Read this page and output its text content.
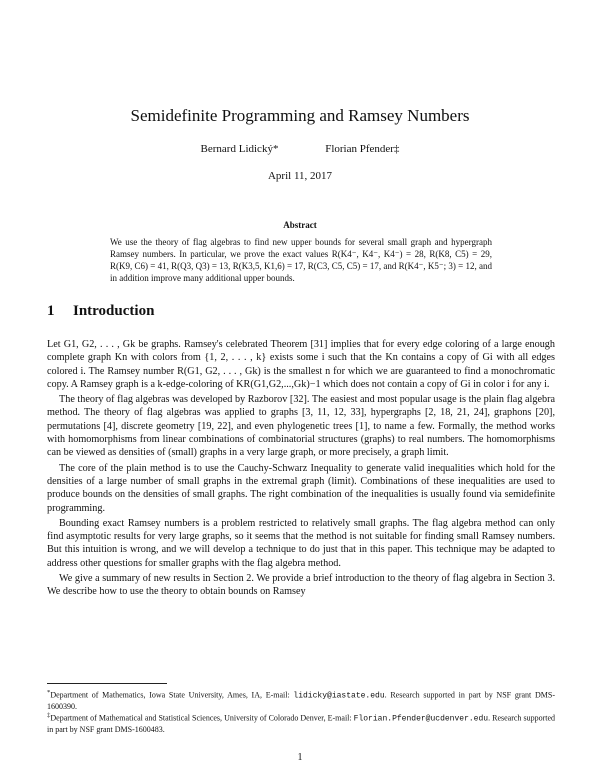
Semidefinite Programming and Ramsey Numbers
Bernard Lidický*	Florian Pfender‡
April 11, 2017
Abstract
We use the theory of flag algebras to find new upper bounds for several small graph and hypergraph Ramsey numbers. In particular, we prove the exact values R(K4⁻, K4⁻, K4⁻) = 28, R(K8, C5) = 29, R(K9, C6) = 41, R(Q3, Q3) = 13, R(K3,5, K1,6) = 17, R(C3, C5, C5) = 17, and R(K4⁻, K5⁻; 3) = 12, and in addition improve many additional upper bounds.
1 Introduction

Let G1, G2, . . . , Gk be graphs. Ramsey's celebrated Theorem [31] implies that for every edge coloring of a large enough complete graph Kn with colors from {1, 2, . . . , k} exists some i such that the Kn contains a copy of Gi with all edges colored i. The Ramsey number R(G1, G2, . . . , Gk) is the smallest n for which we are guaranteed to find a monochromatic copy. A Ramsey graph is a k-edge-coloring of KR(G1,G2,...,Gk)−1 which does not contain a copy of Gi in color i for any i.

The theory of flag algebras was developed by Razborov [32]. The easiest and most popular usage is the plain flag algebra method. The theory of flag algebras was applied to graphs [3, 11, 12, 33], hypergraphs [2, 18, 21, 24], graphons [20], permutations [4], discrete geometry [19, 22], and even phylogenetic trees [1], to name a few. Formally, the method works with homomorphisms from linear combinations of combinatorial structures (graphs) to real numbers. The homomorphisms can be viewed as densities of (small) graphs in a very large graph, or more precisely, a graph limit.

The core of the plain method is to use the Cauchy-Schwarz Inequality to generate valid inequalities which hold for the densities of a large number of small graphs in the extremal graph (limit). Combinations of these inequalities are used to produce bounds on the densities of small graphs. The right combination of the inequalities is usually found via semidefinite programming.

Bounding exact Ramsey numbers is a problem restricted to relatively small graphs. The flag algebra method can only find asymptotic results for very large graphs, so it seems that the method is not suitable for finding small Ramsey numbers. But this intuition is wrong, and we will develop a technique to do just that in this paper. This technique may be adapted to address other questions for smaller graphs with the flag algebra method.

We give a summary of new results in Section 2. We provide a brief introduction to the theory of flag algebra in Section 3. We describe how to use the theory to obtain bounds on Ramsey

*Department of Mathematics, Iowa State University, Ames, IA, E-mail: lidicky@iastate.edu. Research supported in part by NSF grant DMS-1600390.
‡Department of Mathematical and Statistical Sciences, University of Colorado Denver, E-mail: Florian.Pfender@ucdenver.edu. Research supported in part by NSF grant DMS-1600483.
1
